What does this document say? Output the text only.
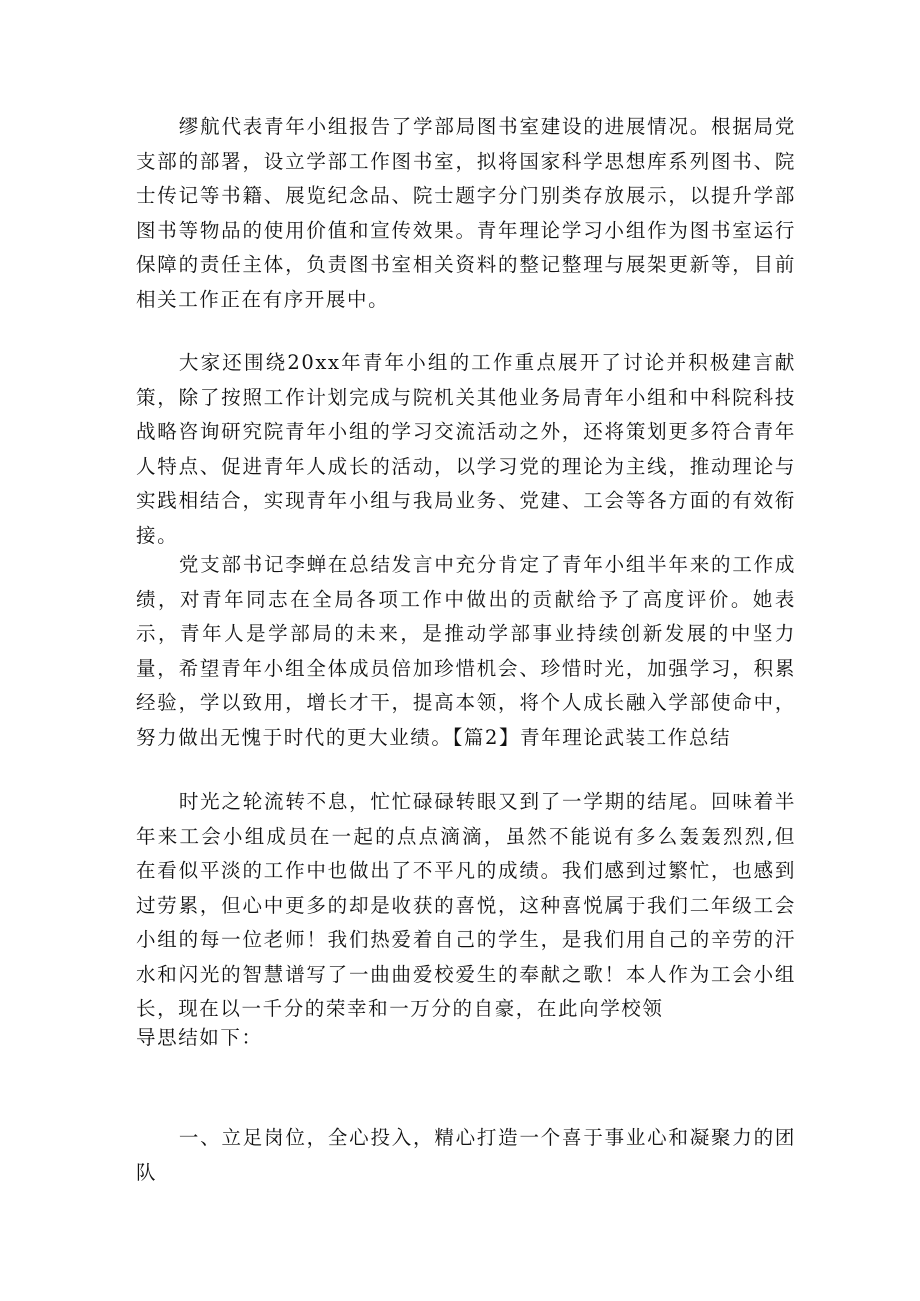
缪航代表青年小组报告了学部局图书室建设的进展情况。根据局党支部的部署，设立学部工作图书室，拟将国家科学思想库系列图书、院士传记等书籍、展览纪念品、院士题字分门别类存放展示，以提升学部图书等物品的使用价值和宣传效果。青年理论学习小组作为图书室运行保障的责任主体，负责图书室相关资料的整记整理与展架更新等，目前相关工作正在有序开展中。

大家还围绕20xx年青年小组的工作重点展开了讨论并积极建言献策，除了按照工作计划完成与院机关其他业务局青年小组和中科院科技战略咨询研究院青年小组的学习交流活动之外，还将策划更多符合青年人特点、促进青年人成长的活动，以学习党的理论为主线，推动理论与实践相结合，实现青年小组与我局业务、党建、工会等各方面的有效衔接。

党支部书记李蝉在总结发言中充分肯定了青年小组半年来的工作成绩，对青年同志在全局各项工作中做出的贡献给予了高度评价。她表示，青年人是学部局的未来，是推动学部事业持续创新发展的中坚力量，希望青年小组全体成员倍加珍惜机会、珍惜时光，加强学习，积累经验，学以致用，增长才干，提高本领，将个人成长融入学部使命中，努力做出无愧于时代的更大业绩。【篇2】青年理论武装工作总结

时光之轮流转不息，忙忙碌碌转眼又到了一学期的结尾。回味着半年来工会小组成员在一起的点点滴滴，虽然不能说有多么轰轰烈烈,但在看似平淡的工作中也做出了不平凡的成绩。我们感到过繁忙，也感到过劳累，但心中更多的却是收获的喜悦，这种喜悦属于我们二年级工会小组的每一位老师！我们热爱着自己的学生，是我们用自己的辛劳的汗水和闪光的智慧谱写了一曲曲爱校爱生的奉献之歌！本人作为工会小组长，现在以一千分的荣幸和一万分的自豪，在此向学校领

导思结如下：

一、立足岗位，全心投入，精心打造一个喜于事业心和凝聚力的团队
